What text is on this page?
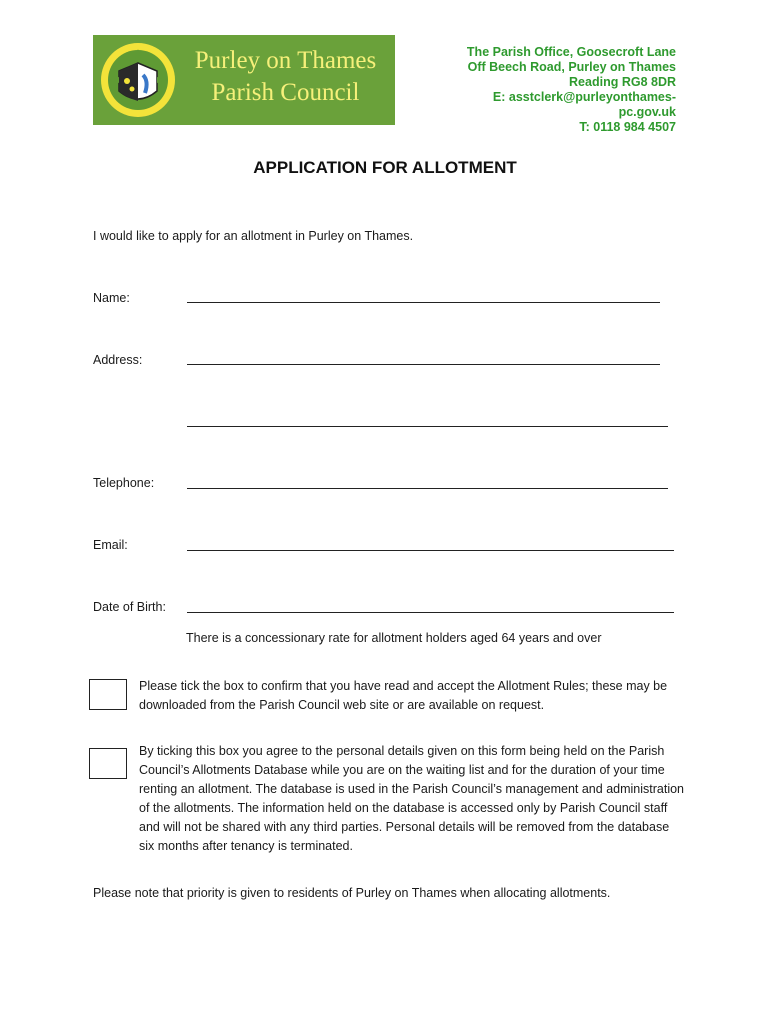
Purley on Thames
Parish Council
The Parish Office, Goosecroft Lane
Off Beech Road, Purley on Thames
Reading RG8 8DR
E: asstclerk@purleyonthames-
pc.gov.uk
T: 0118 984 4507
APPLICATION FOR ALLOTMENT
I would like to apply for an allotment in Purley on Thames.
Name:
Address:
Telephone:
Email:
Date of Birth:
There is a concessionary rate for allotment holders aged 64 years and over
Please tick the box to confirm that you have read and accept the Allotment Rules; these may be downloaded from the Parish Council web site or are available on request.
By ticking this box you agree to the personal details given on this form being held on the Parish Council’s Allotments Database while you are on the waiting list and for the duration of your time renting an allotment. The database is used in the Parish Council’s management and administration of the allotments. The information held on the database is accessed only by Parish Council staff and will not be shared with any third parties. Personal details will be removed from the database six months after tenancy is terminated.
Please note that priority is given to residents of Purley on Thames when allocating allotments.
